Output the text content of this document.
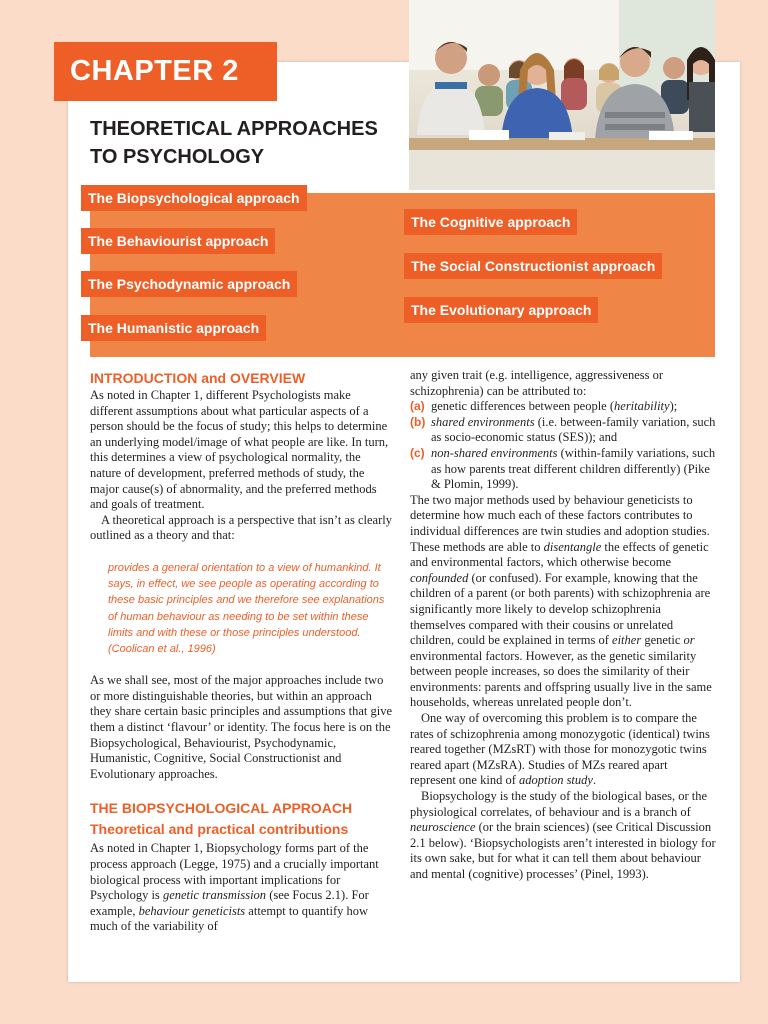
CHAPTER 2
THEORETICAL APPROACHES
TO PSYCHOLOGY
The Biopsychological approach
The Behaviourist approach
The Psychodynamic approach
The Humanistic approach
The Cognitive approach
The Social Constructionist approach
The Evolutionary approach
INTRODUCTION and OVERVIEW

As noted in Chapter 1, different Psychologists make different assumptions about what particular aspects of a person should be the focus of study; this helps to determine an underlying model/image of what people are like. In turn, this determines a view of psychological normality, the nature of development, preferred methods of study, the major cause(s) of abnormality, and the preferred methods and goals of treatment.

A theoretical approach is a perspective that isn’t as clearly outlined as a theory and that:

provides a general orientation to a view of humankind. It says, in effect, we see people as operating according to these basic principles and we therefore see explanations of human behaviour as needing to be set within these limits and with these or those principles understood. (Coolican et al., 1996)

As we shall see, most of the major approaches include two or more distinguishable theories, but within an approach they share certain basic principles and assumptions that give them a distinct ‘flavour’ or identity. The focus here is on the Biopsychological, Behaviourist, Psychodynamic, Humanistic, Cognitive, Social Constructionist and Evolutionary approaches.

THE BIOPSYCHOLOGICAL APPROACH
Theoretical and practical contributions

As noted in Chapter 1, Biopsychology forms part of the process approach (Legge, 1975) and a crucially important biological process with important implications for Psychology is genetic transmission (see Focus 2.1). For example, behaviour geneticists attempt to quantify how much of the variability of

any given trait (e.g. intelligence, aggressiveness or schizophrenia) can be attributed to:

(a) genetic differences between people (heritability);
(b) shared environments (i.e. between-family variation, such as socio-economic status (SES)); and
(c) non-shared environments (within-family variations, such as how parents treat different children differently) (Pike & Plomin, 1999).

The two major methods used by behaviour geneticists to determine how much each of these factors contributes to individual differences are twin studies and adoption studies. These methods are able to disentangle the effects of genetic and environmental factors, which otherwise become confounded (or confused). For example, knowing that the children of a parent (or both parents) with schizophrenia are significantly more likely to develop schizophrenia themselves compared with their cousins or unrelated children, could be explained in terms of either genetic or environmental factors. However, as the genetic similarity between people increases, so does the similarity of their environments: parents and offspring usually live in the same households, whereas unrelated people don’t.

One way of overcoming this problem is to compare the rates of schizophrenia among monozygotic (identical) twins reared together (MZsRT) with those for monozygotic twins reared apart (MZsRA). Studies of MZs reared apart represent one kind of adoption study.

Biopsychology is the study of the biological bases, or the physiological correlates, of behaviour and is a branch of neuroscience (or the brain sciences) (see Critical Discussion 2.1 below). ‘Biopsychologists aren’t interested in biology for its own sake, but for what it can tell them about behaviour and mental (cognitive) processes’ (Pinel, 1993).
